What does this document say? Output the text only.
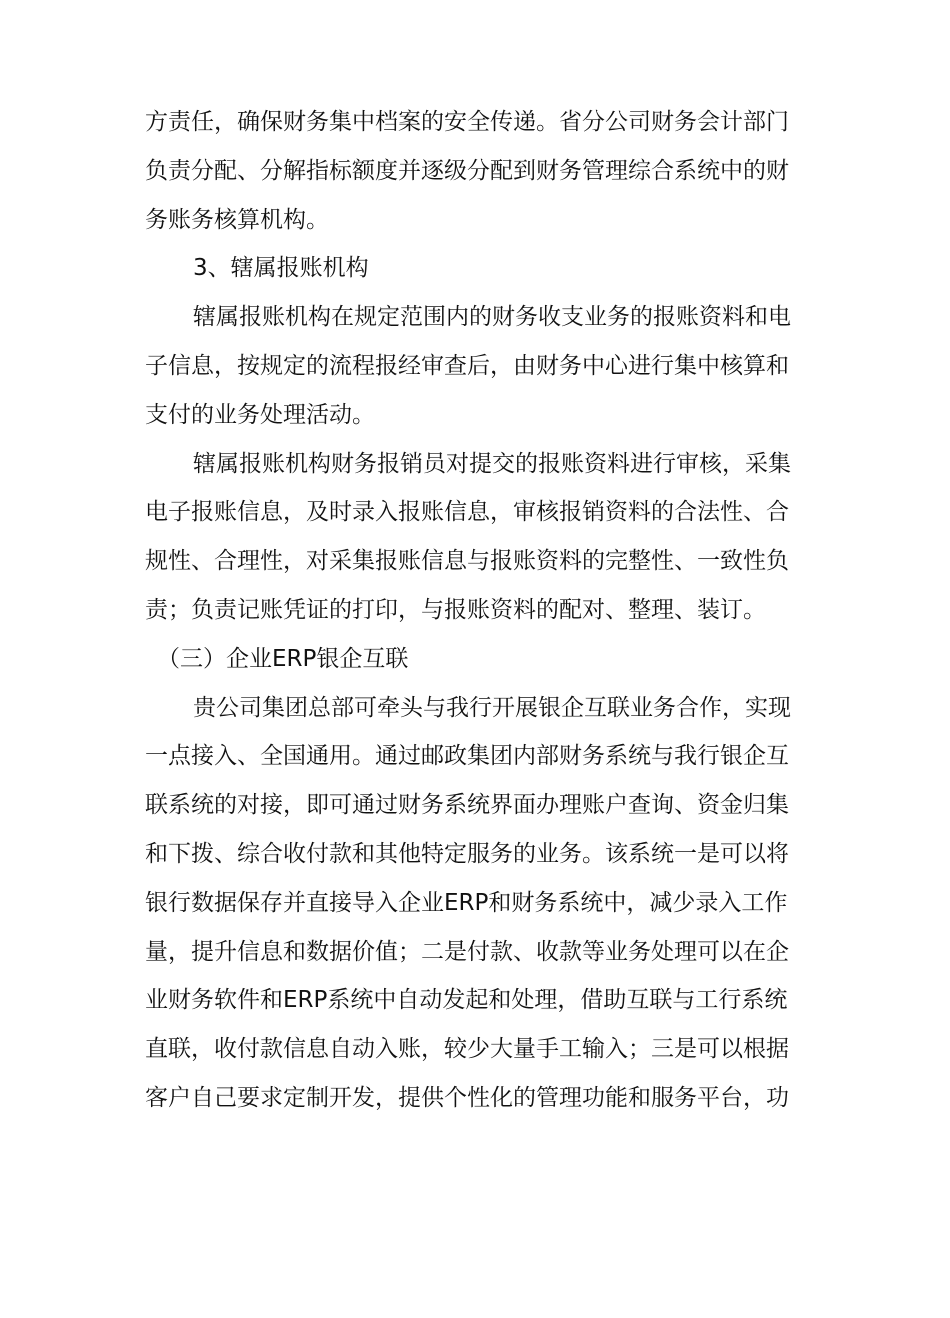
方责任，确保财务集中档案的安全传递。省分公司财务会计部门
负责分配、分解指标额度并逐级分配到财务管理综合系统中的财
务账务核算机构。
3、辖属报账机构
辖属报账机构在规定范围内的财务收支业务的报账资料和电
子信息，按规定的流程报经审查后，由财务中心进行集中核算和
支付的业务处理活动。
辖属报账机构财务报销员对提交的报账资料进行审核，采集
电子报账信息，及时录入报账信息，审核报销资料的合法性、合
规性、合理性，对采集报账信息与报账资料的完整性、一致性负
责；负责记账凭证的打印，与报账资料的配对、整理、装订。
（三）企业ERP银企互联
贵公司集团总部可牵头与我行开展银企互联业务合作，实现
一点接入、全国通用。通过邮政集团内部财务系统与我行银企互
联系统的对接，即可通过财务系统界面办理账户查询、资金归集
和下拨、综合收付款和其他特定服务的业务。该系统一是可以将
银行数据保存并直接导入企业ERP和财务系统中，减少录入工作
量，提升信息和数据价值；二是付款、收款等业务处理可以在企
业财务软件和ERP系统中自动发起和处理，借助互联与工行系统
直联，收付款信息自动入账，较少大量手工输入；三是可以根据
客户自己要求定制开发，提供个性化的管理功能和服务平台，功
